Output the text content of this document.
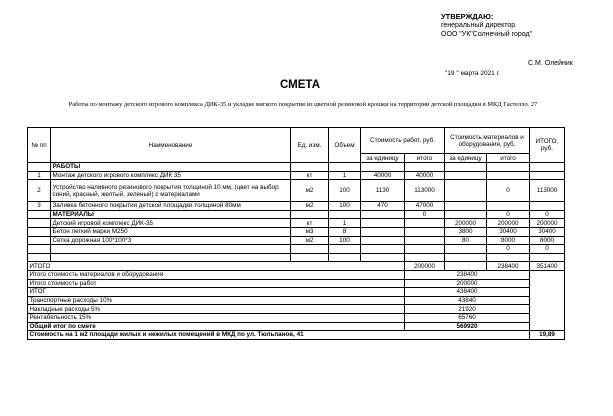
УТВЕРЖДАЮ:
генеральный директор
ООО "УК"Солнечный город"
С.М. Олейник
"19 " марта 2021 г.
СМЕТА
Работы по монтажу детского игрового комплекса ДИК-35 и укладке мягкого покрытия из цветной резиновой крошки на территории детской площадки в МКД Гастелло. 27
№ пп	Наименование	Ед. изм.	Объем	Стоимость работ, руб.		Стоимость материалов и оборудования, руб.		ИТОГО, руб.
				за единицу	итого	за единицу	итого	
	РАБОТЫ							
1	Монтаж детского игрового комплекс ДИК 35	кт	1	40000	40000			
2	Устройство наливного резинового покрытия толщиной 10 мм, (цвет на выбор синий, красный, желтый, зеленый) с материалами	м2	100	1130	113000		0	113000
3	Заливка бетонного покрытия детской площадки толщиной 80мм	м2	100	470	47000			
	МАТЕРИАЛЫ				0		0	0
	Детский игровой комплекс ДИК-35	кт	1			200000	200000	200000
	Бетон легкий марки М250	м3	8			3800	30400	30400
	Сетка дорожная 100*100*3	м2	100			80	8000	8000
							0	0

ИТОГО					200000		238400	351400
Итого стоимость материалов и оборудования					238400			
Итого стоимость работ					200000			
ИТОГ					438400			
Транспортные расходы 10%					43840			
Накладные расходы 5%					21920			
Рентабельность 15%					65760			
Общий итог по смете					569920			
Стоимость на 1 м2 площади жилых и нежилых помещений в МКД по ул. Тюльпанов, 41								19,89
